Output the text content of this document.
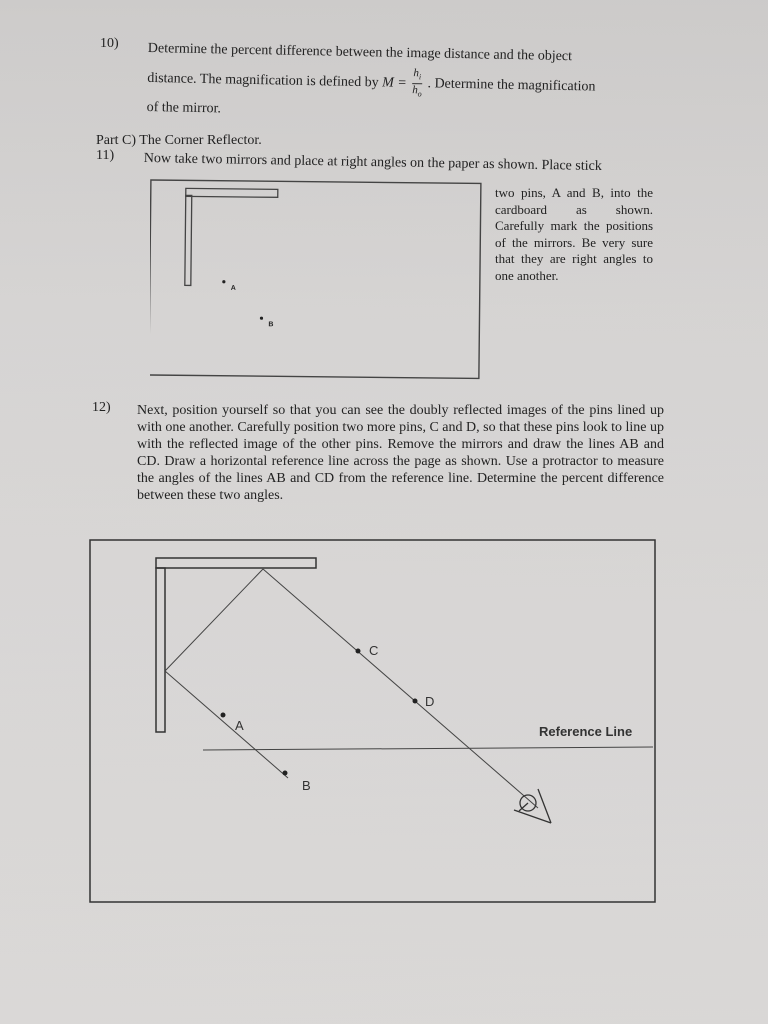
10) Determine the percent difference between the image distance and the object
distance. The magnification is defined by $M = \frac{h_i}{h_o}$ . Determine the magnification
of the mirror.
Part C) The Corner Reflector.
11) Now take two mirrors and place at right angles on the paper as shown. Place stick
A
B
two pins, A and B, into the cardboard as shown. Carefully mark the positions of the mirrors. Be very sure that they are right angles to one another.
12) Next, position yourself so that you can see the doubly reflected images of the pins lined up with one another. Carefully position two more pins, C and D, so that these pins look to line up with the reflected image of the other pins. Remove the mirrors and draw the lines AB and CD. Draw a horizontal reference line across the page as shown. Use a protractor to measure the angles of the lines AB and CD from the reference line. Determine the percent difference between these two angles.
Reference Line
A
B
C
D
